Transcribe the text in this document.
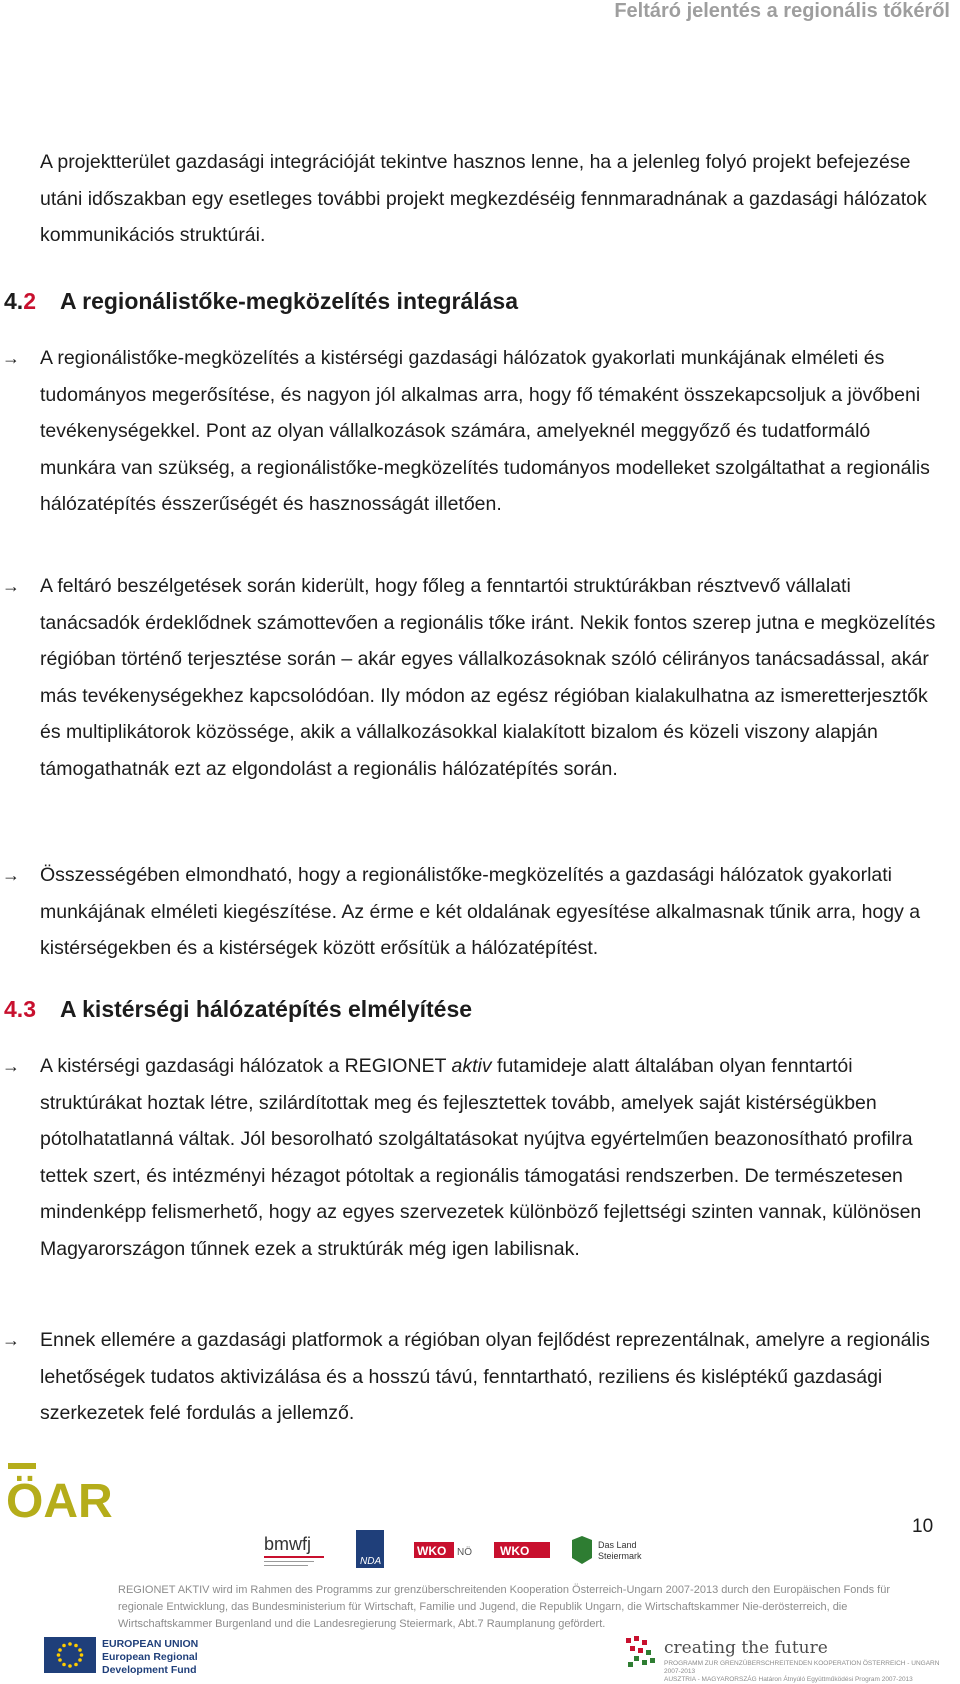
Feltáró jelentés a regionális tőkéről

A projektterület gazdasági integrációját tekintve hasznos lenne, ha a jelenleg folyó projekt befejezése utáni időszakban egy esetleges további projekt megkezdéséig fennmaradnának a gazdasági hálózatok kommunikációs struktúrái.

4.2 A regionálistőke-megközelítés integrálása
→	A regionálistőke-megközelítés a kistérségi gazdasági hálózatok gyakorlati munkájának elméleti és tudományos megerősítése, és nagyon jól alkalmas arra, hogy fő témaként összekapcsoljuk a jövőbeni tevékenységekkel. Pont az olyan vállalkozások számára, amelyeknél meggyőző és tudatformáló munkára van szükség, a regionálistőke-megközelítés tudományos modelleket szolgáltathat a regionális hálózatépítés ésszerűségét és hasznosságát illetően.

→	A feltáró beszélgetések során kiderült, hogy főleg a fenntartói struktúrákban résztvevő vállalati tanácsadók érdeklődnek számottevően a regionális tőke iránt. Nekik fontos szerep jutna e megközelítés régióban történő terjesztése során – akár egyes vállalkozásoknak szóló célirányos tanácsadással, akár más tevékenységekhez kapcsolódóan. Ily módon az egész régióban kialakulhatna az ismeretterjesztők és multiplikátorok közössége, akik a vállalkozásokkal kialakított bizalom és közeli viszony alapján támogathatnák ezt az elgondolást a regionális hálózatépítés során.

→	Összességében elmondható, hogy a regionálistőke-megközelítés a gazdasági hálózatok gyakorlati munkájának elméleti kiegészítése. Az érme e két oldalának egyesítése alkalmasnak tűnik arra, hogy a kistérségekben és a kistérségek között erősítük a hálózatépítést.

4.3 A kistérségi hálózatépítés elmélyítése
→	A kistérségi gazdasági hálózatok a REGIONET aktiv futamideje alatt általában olyan fenntartói struktúrákat hoztak létre, szilárdítottak meg és fejlesztettek tovább, amelyek saját kistérségükben pótolhatatlanná váltak. Jól besorolható szolgáltatásokat nyújtva egyértelműen beazonosítható profilra tettek szert, és intézményi hézagot pótoltak a regionális támogatási rendszerben. De természetesen mindenképp felismerhető, hogy az egyes szervezetek különböző fejlettségi szinten vannak, különösen Magyarországon tűnnek ezek a struktúrák még igen labilisnak.

→	Ennek ellemére a gazdasági platformok a régióban olyan fejlődést reprezentálnak, amelyre a regionális lehetőségek tudatos aktivizálása és a hosszú távú, fenntartható, reziliens és kisléptékű gazdasági szerkezetek felé fordulás a jellemző.

ÖAR	10
bmwfj
NDA
WKO NÖ
WKO NÖ
WKO	Das Land
Steiermark
Das Land Steiermark
REGIONET AKTIV wird im Rahmen des Programms zur grenzüberschreitenden Kooperation Österreich-Ungarn 2007-2013 durch den Europäischen Fonds für regionale Entwicklung, das Bundesministerium für Wirtschaft, Familie und Jugend, die Republik Ungarn, die Wirtschaftskammer Nie-derösterreich, die Wirtschaftskammer Burgenland und die Landesregierung Steiermark, Abt.7 Raumplanung gefördert.
EUROPEAN UNION
European Regional
Development Fund
creating the future
PROGRAMM ZUR GRENZÜBERSCHREITENDEN KOOPERATION ÖSTERREICH - UNGARN 2007-2013
AUSZTRIA - MAGYARORSZÁG Határon Átnyúló Együttműködési Program 2007-2013
